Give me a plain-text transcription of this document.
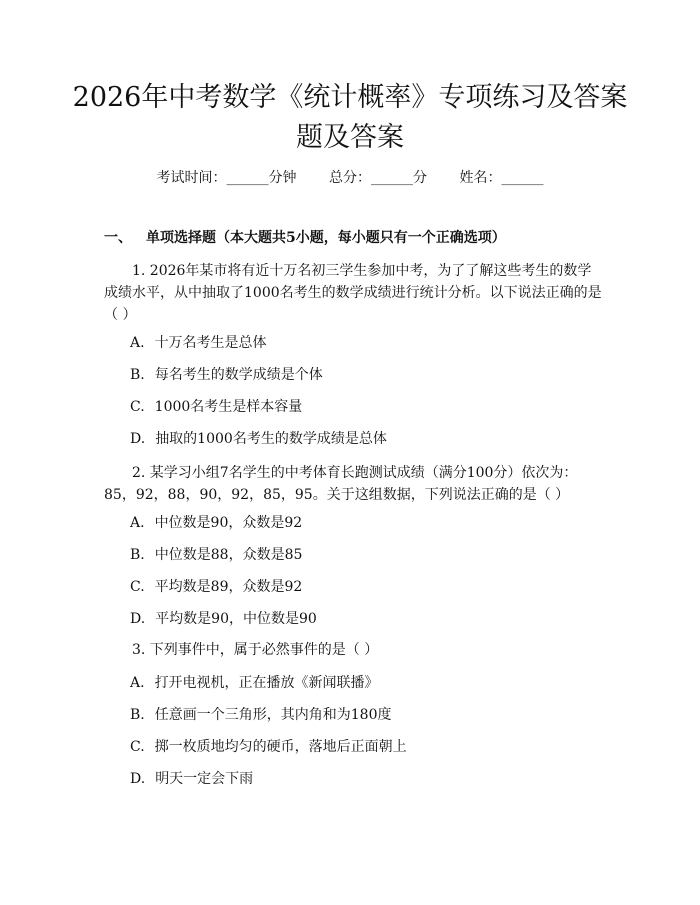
2026年中考数学《统计概率》专项练习及答案题及答案
考试时间：______分钟 总分：______分 姓名：______
一、 单项选择题（本大题共5小题，每小题只有一个正确选项）

1. 2026年某市将有近十万名初三学生参加中考，为了了解这些考生的数学成绩水平，从中抽取了1000名考生的数学成绩进行统计分析。以下说法正确的是（ ）

A. 十万名考生是总体
B. 每名考生的数学成绩是个体
C. 1000名考生是样本容量
D. 抽取的1000名考生的数学成绩是总体

2. 某学习小组7名学生的中考体育长跑测试成绩（满分100分）依次为：85，92，88，90，92，85，95。关于这组数据，下列说法正确的是（ ）

A. 中位数是90，众数是92
B. 中位数是88，众数是85
C. 平均数是89，众数是92
D. 平均数是90，中位数是90

3. 下列事件中，属于必然事件的是（ ）

A. 打开电视机，正在播放《新闻联播》
B. 任意画一个三角形，其内角和为180度
C. 掷一枚质地均匀的硬币，落地后正面朝上
D. 明天一定会下雨
